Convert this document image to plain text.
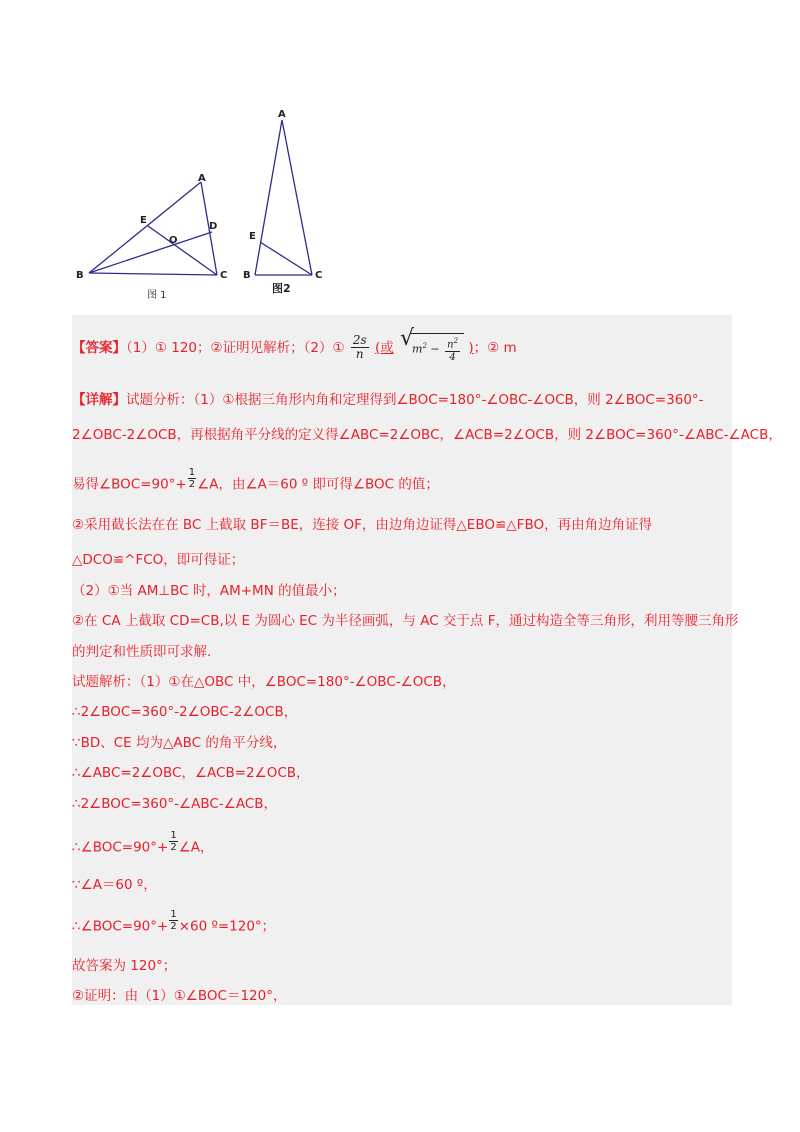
A
B	C
D
E
O
图 1
A
B	C
E
图2
【答案】（1）① 120；②证明见解析；（2）① $\frac{2s}{n}$ (或 √
$m^2 - \frac{n^2}{4}$ )；② m
【详解】试题分析：（1）①根据三角形内角和定理得到∠BOC=180°-∠OBC-∠OCB，则 2∠BOC=360°-
2∠OBC-2∠OCB，再根据角平分线的定义得∠ABC=2∠OBC，∠ACB=2∠OCB，则 2∠BOC=360°-∠ABC-∠ACB，
易得∠BOC=90°+ $\frac{1}{2}$ ∠A，由∠A＝60 º 即可得∠BOC 的值；
②采用截长法在在 BC 上截取 BF＝BE，连接 OF，由边角边证得△EBO≌△FBO，再由角边角证得
△DCO≌^FCO，即可得证；
（2）①当 AM⊥BC 时，AM+MN 的值最小；
②在 CA 上截取 CD=CB,以 E 为圆心 EC 为半径画弧，与 AC 交于点 F，通过构造全等三角形，利用等腰三角形
的判定和性质即可求解.
试题解析：（1）①在△OBC 中，∠BOC=180°-∠OBC-∠OCB，
∴2∠BOC=360°-2∠OBC-2∠OCB，
∵BD、CE 均为△ABC 的角平分线，
∴∠ABC=2∠OBC，∠ACB=2∠OCB，
∴2∠BOC=360°-∠ABC-∠ACB，
∴∠BOC=90°+ $\frac{1}{2}$ ∠A，
∵∠A＝60 º，
∴∠BOC=90°+ $\frac{1}{2} \times 60$ º=120°；
故答案为 120°；
②证明：由（1）①∠BOC＝120°，
